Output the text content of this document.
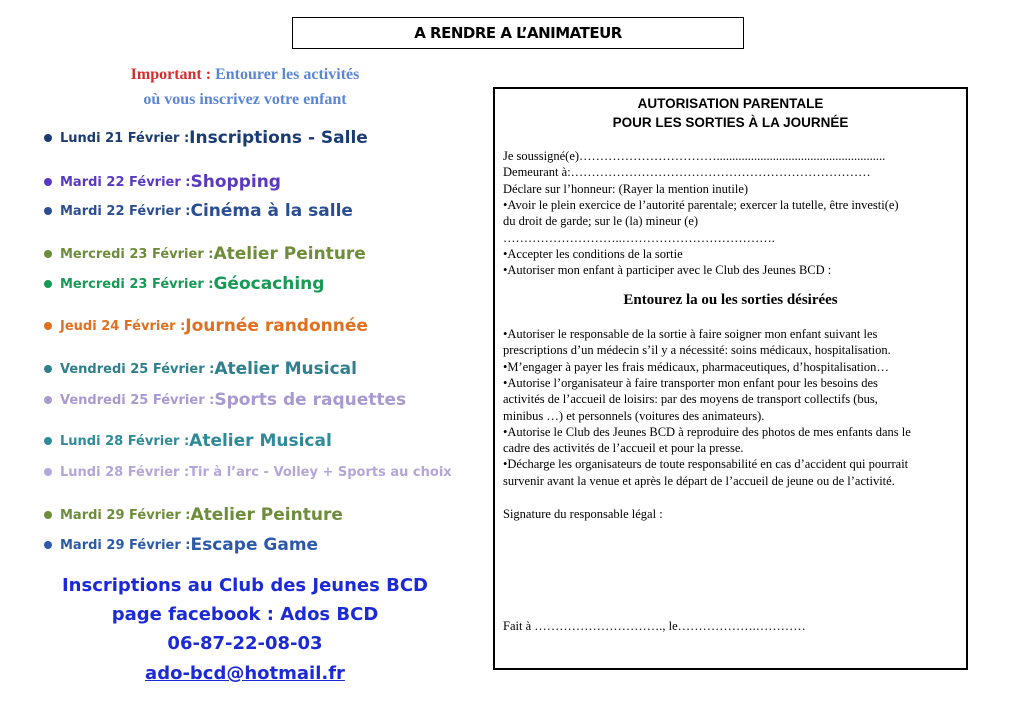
A RENDRE A L’ANIMATEUR
Important : Entourer les activités
où vous inscrivez votre enfant
Lundi 21 Février : Inscriptions - Salle
Mardi 22 Février : Shopping
Mardi 22 Février : Cinéma à la salle
Mercredi 23 Février : Atelier Peinture
Mercredi 23 Février : Géocaching
Jeudi 24 Février : Journée randonnée
Vendredi 25 Février : Atelier Musical
Vendredi 25 Février : Sports de raquettes
Lundi 28 Février : Atelier Musical
Lundi 28 Février : Tir à l’arc - Volley + Sports au choix
Mardi 29 Février : Atelier Peinture
Mardi 29 Février : Escape Game
Inscriptions au Club des Jeunes BCD
page facebook : Ados BCD
06-87-22-08-03
ado-bcd@hotmail.fr
AUTORISATION PARENTALE
POUR LES SORTIES À LA JOURNÉE
Je soussigné(e)……………………………......................................................
Demeurant à:………………………………………………………………
Déclare sur l’honneur: (Rayer la mention inutile)
•Avoir le plein exercice de l’autorité parentale; exercer la tutelle, être investi(e)
du droit de garde; sur le (la) mineur (e)
………………………..……………………………….
•Accepter les conditions de la sortie
•Autoriser mon enfant à participer avec le Club des Jeunes BCD :
Entourez la ou les sorties désirées
•Autoriser le responsable de la sortie à faire soigner mon enfant suivant les
prescriptions d’un médecin s’il y a nécessité: soins médicaux, hospitalisation.
•M’engager à payer les frais médicaux, pharmaceutiques, d’hospitalisation…
•Autorise l’organisateur à faire transporter mon enfant pour les besoins des
activités de l’accueil de loisirs: par des moyens de transport collectifs (bus,
minibus …) et personnels (voitures des animateurs).
•Autorise le Club des Jeunes BCD à reproduire des photos de mes enfants dans le
cadre des activités de l’accueil et pour la presse.
•Décharge les organisateurs de toute responsabilité en cas d’accident qui pourrait
survenir avant la venue et après le départ de l’accueil de jeune ou de l’activité.
Signature du responsable légal :
Fait à …………………………., le……………….…………
